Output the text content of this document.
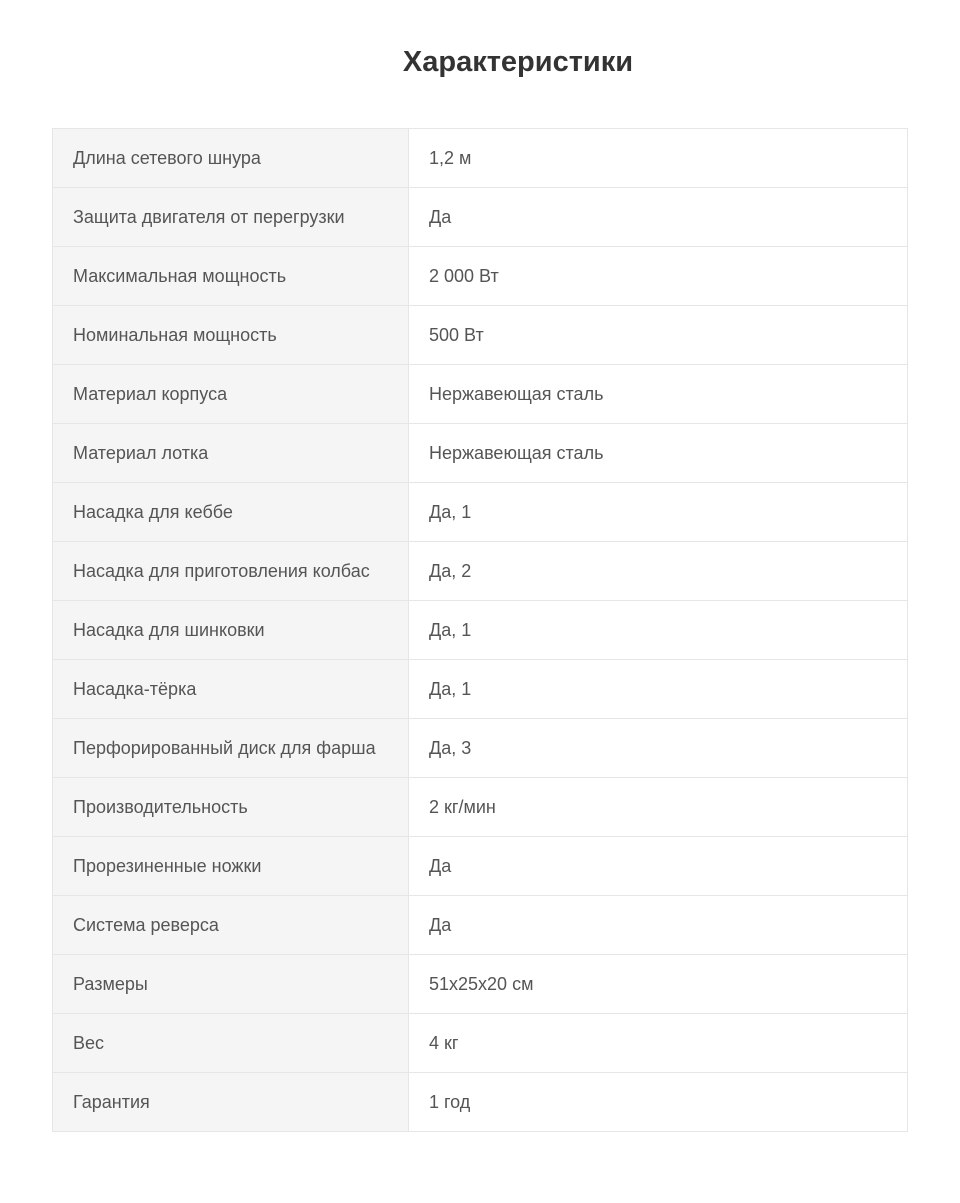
Характеристики
Длина сетевого шнура	1,2 м
Защита двигателя от перегрузки	Да
Максимальная мощность	2 000 Вт
Номинальная мощность	500 Вт
Материал корпуса	Нержавеющая сталь
Материал лотка	Нержавеющая сталь
Насадка для кеббе	Да, 1
Насадка для приготовления колбас	Да, 2
Насадка для шинковки	Да, 1
Насадка-тёрка	Да, 1
Перфорированный диск для фарша	Да, 3
Производительность	2 кг/мин
Прорезиненные ножки	Да
Система реверса	Да
Размеры	51x25x20 см
Вес	4 кг
Гарантия	1 год
